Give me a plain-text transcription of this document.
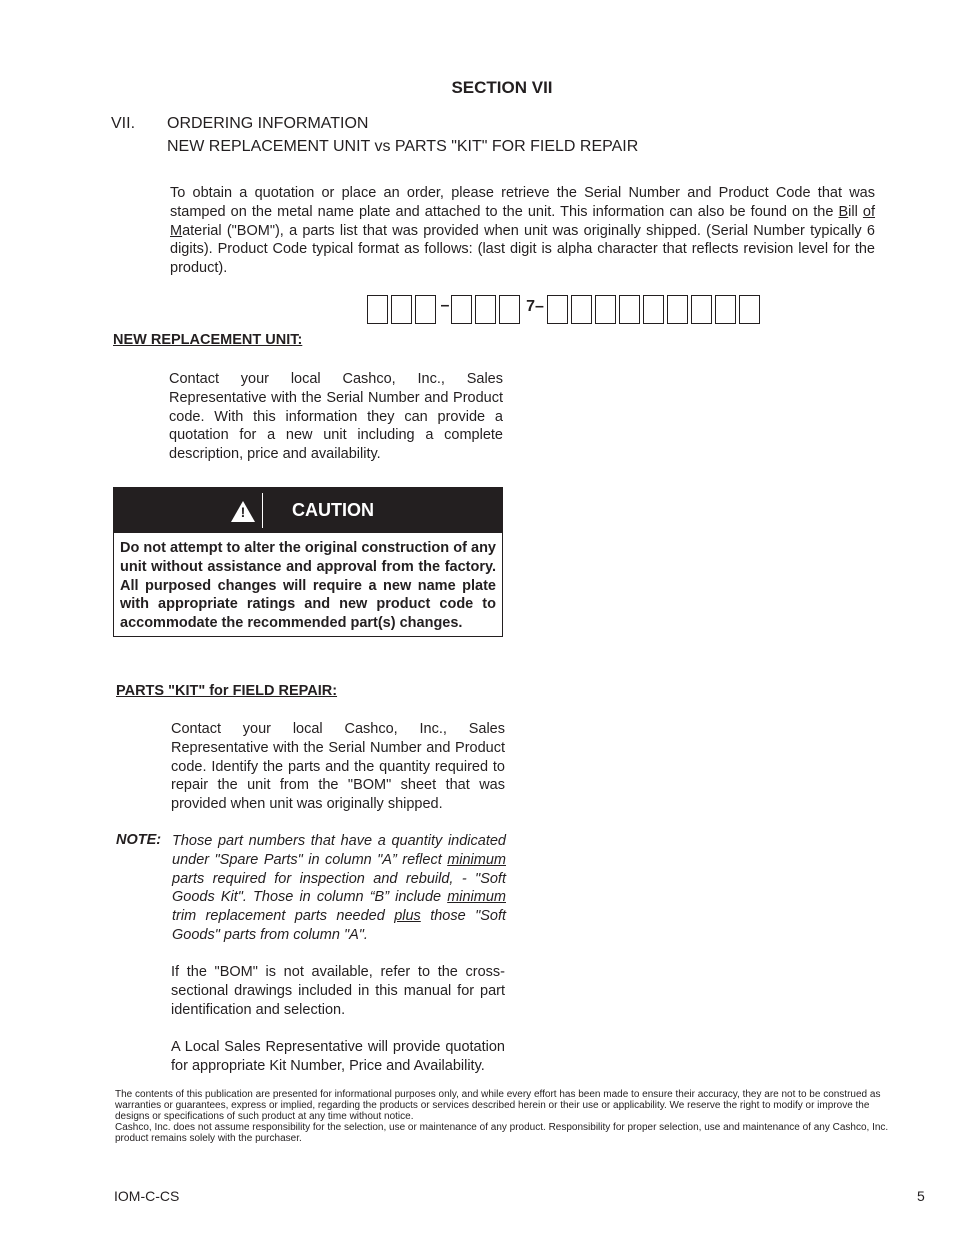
SECTION VII
VII. ORDERING INFORMATION
NEW REPLACEMENT UNIT vs PARTS "KIT" FOR FIELD REPAIR
To obtain a quotation or place an order, please retrieve the Serial Number and Product Code that was stamped on the metal name plate and attached to the unit. This information can also be found on the Bill of Material ("BOM"), a parts list that was provided when unit was originally shipped. (Serial Number typically 6 digits). Product Code typical format as follows: (last digit is alpha character that reflects revision level for the product).
–	7–
NEW REPLACEMENT UNIT:
Contact your local Cashco, Inc., Sales Representative with the Serial Number and Product code. With this information they can provide a quotation for a new unit including a complete description, price and availability.
!	CAUTION
Do not attempt to alter the original construction of any unit without assistance and approval from the factory. All purposed changes will require a new name plate with appropriate ratings and new product code to accommodate the recommended part(s) changes.
PARTS "KIT" for FIELD REPAIR:
Contact your local Cashco, Inc., Sales Representative with the Serial Number and Product code. Identify the parts and the quantity required to repair the unit from the "BOM" sheet that was provided when unit was originally shipped.
NOTE: Those part numbers that have a quantity indicated under "Spare Parts" in column "A” reflect minimum parts required for inspection and rebuild, - "Soft Goods Kit". Those in column “B” include minimum trim replacement parts needed plus those "Soft Goods" parts from column "A".
If the "BOM" is not available, refer to the cross-sectional drawings included in this manual for part identification and selection.
A Local Sales Representative will provide quotation for appropriate Kit Number, Price and Availability.
The contents of this publication are presented for informational purposes only, and while every effort has been made to ensure their accuracy, they are not to be construed as warranties or guarantees, express or implied, regarding the products or services described herein or their use or applicability. We reserve the right to modify or improve the designs or specifications of such product at any time without notice.
Cashco, Inc. does not assume responsibility for the selection, use or maintenance of any product. Responsibility for proper selection, use and maintenance of any Cashco, Inc. product remains solely with the purchaser.
IOM-C-CS	5
